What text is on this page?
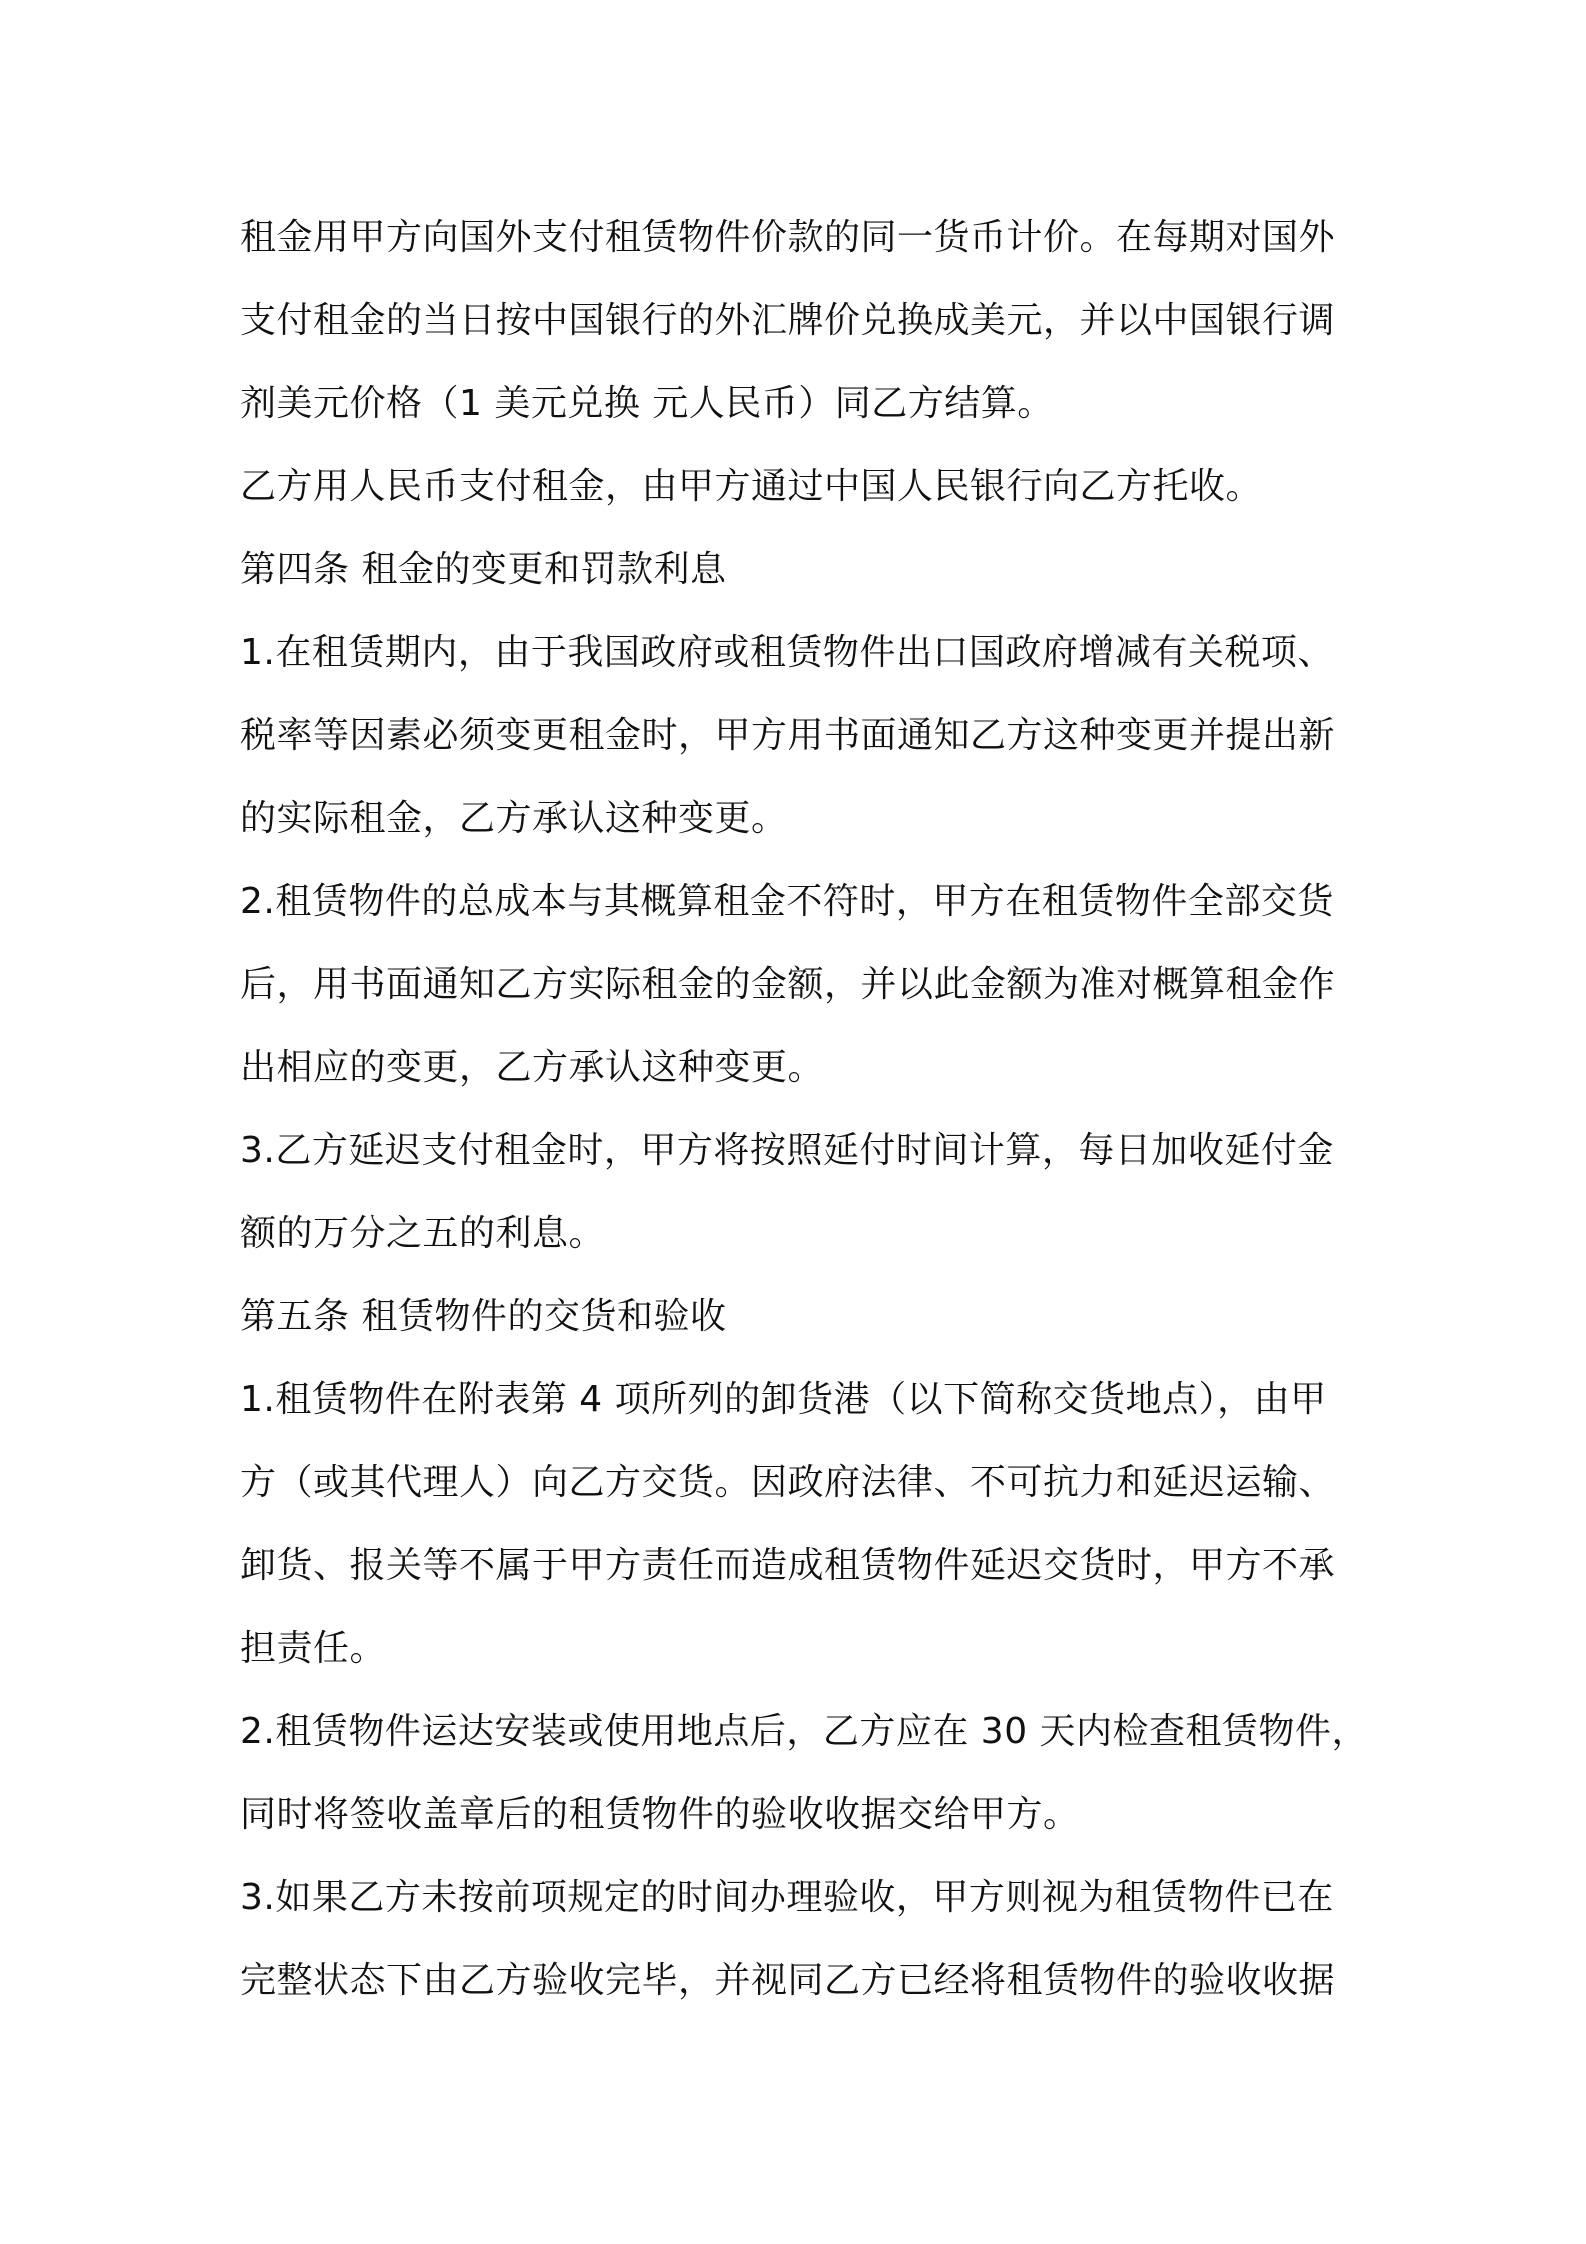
租金用甲方向国外支付租赁物件价款的同一货币计价。在每期对国外
支付租金的当日按中国银行的外汇牌价兑换成美元，并以中国银行调
剂美元价格（1 美元兑换 元人民币）同乙方结算。
乙方用人民币支付租金，由甲方通过中国人民银行向乙方托收。
第四条 租金的变更和罚款利息
1.在租赁期内，由于我国政府或租赁物件出口国政府增减有关税项、
税率等因素必须变更租金时，甲方用书面通知乙方这种变更并提出新
的实际租金，乙方承认这种变更。
2.租赁物件的总成本与其概算租金不符时，甲方在租赁物件全部交货
后，用书面通知乙方实际租金的金额，并以此金额为准对概算租金作
出相应的变更，乙方承认这种变更。
3.乙方延迟支付租金时，甲方将按照延付时间计算，每日加收延付金
额的万分之五的利息。
第五条 租赁物件的交货和验收
1.租赁物件在附表第 4 项所列的卸货港（以下简称交货地点），由甲
方（或其代理人）向乙方交货。因政府法律、不可抗力和延迟运输、
卸货、报关等不属于甲方责任而造成租赁物件延迟交货时，甲方不承
担责任。
2.租赁物件运达安装或使用地点后，乙方应在 30 天内检查租赁物件，
同时将签收盖章后的租赁物件的验收收据交给甲方。
3.如果乙方未按前项规定的时间办理验收，甲方则视为租赁物件已在
完整状态下由乙方验收完毕，并视同乙方已经将租赁物件的验收收据
